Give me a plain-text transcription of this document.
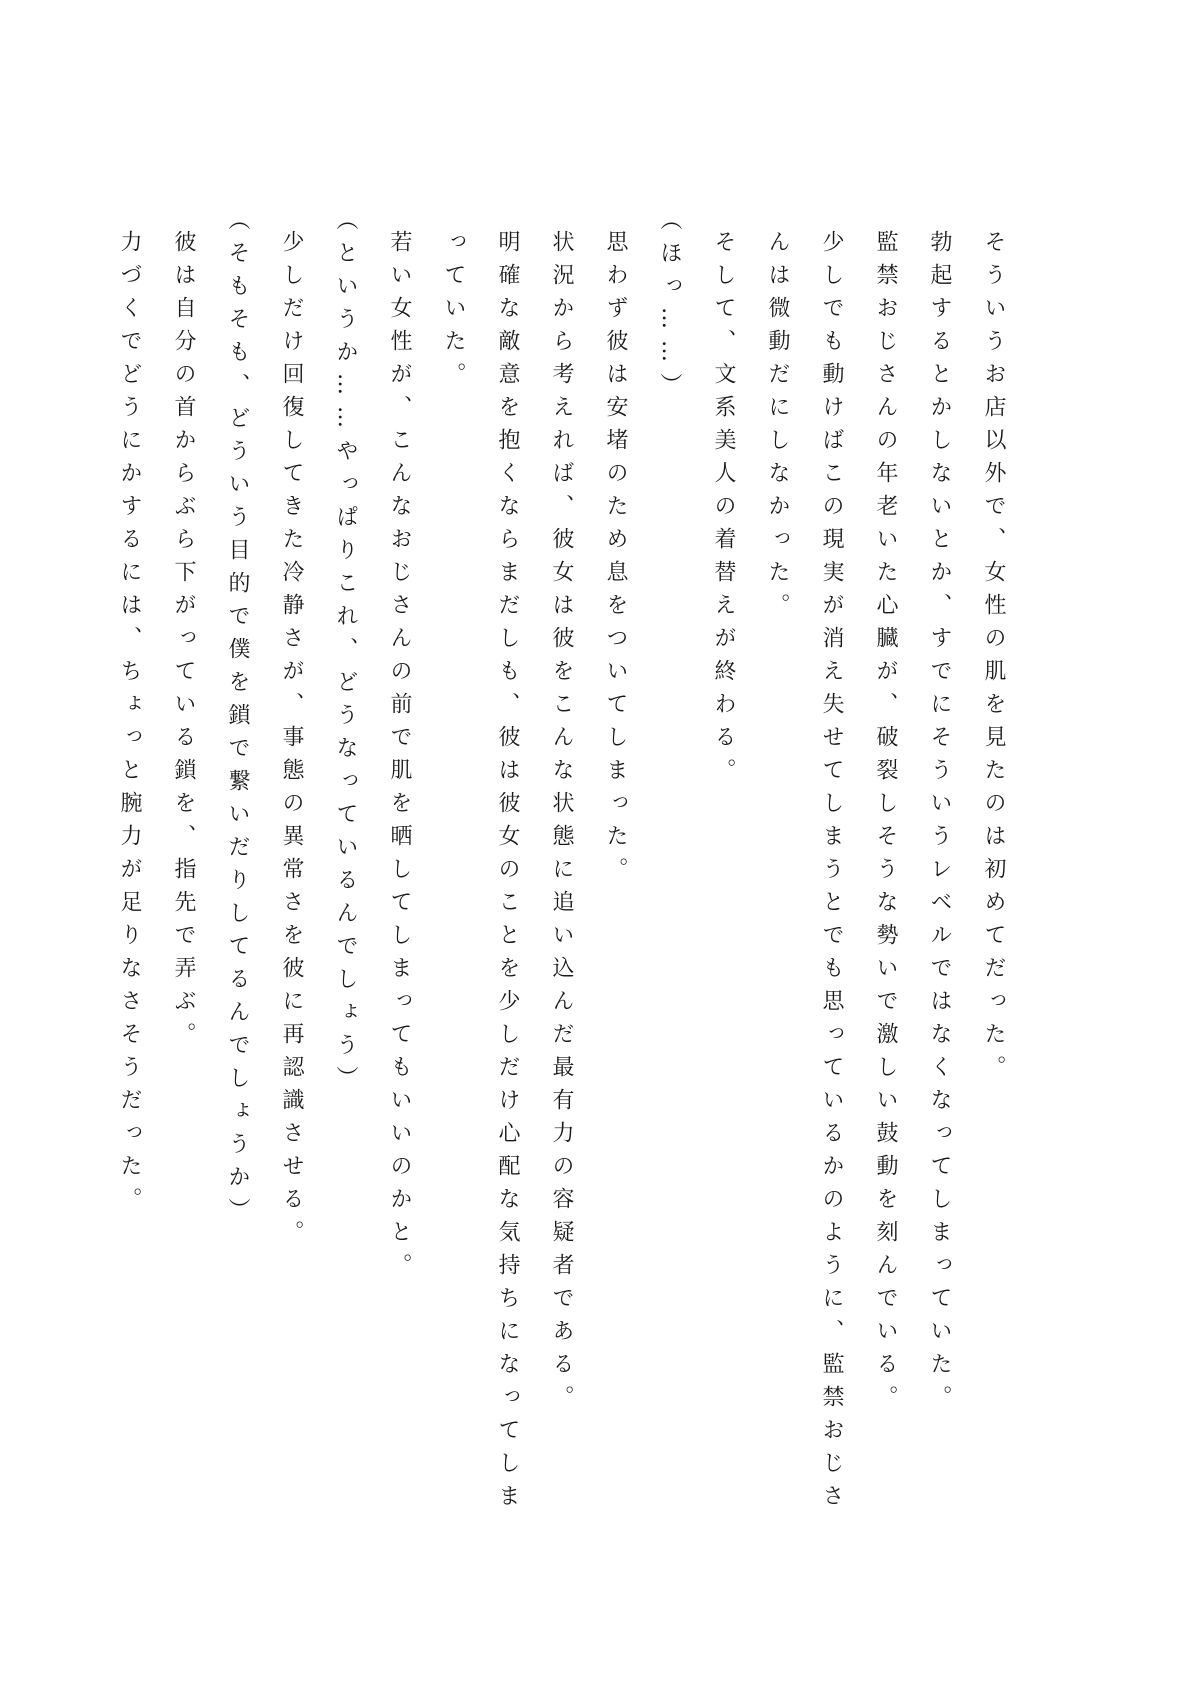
そういうお店以外で、女性の肌を見たのは初めてだった。

勃起するとかしないとか、すでにそういうレベルではなくなってしまっていた。

監禁おじさんの年老いた心臓が、破裂しそうな勢いで激しい鼓動を刻んでいる。

少しでも動けばこの現実が消え失せてしまうとでも思っているかのように、監禁おじさんは微動だにしなかった。

そして、文系美人の着替えが終わる。

（ほっ……）

思わず彼は安堵のため息をついてしまった。

状況から考えれば、彼女は彼をこんな状態に追い込んだ最有力の容疑者である。

明確な敵意を抱くならまだしも、彼は彼女のことを少しだけ心配な気持ちになってしまっていた。

若い女性が、こんなおじさんの前で肌を晒してしまってもいいのかと。

（というか……やっぱりこれ、どうなっているんでしょう）

少しだけ回復してきた冷静さが、事態の異常さを彼に再認識させる。

（そもそも、どういう目的で僕を鎖で繋いだりしてるんでしょうか）

彼は自分の首からぶら下がっている鎖を、指先で弄ぶ。

力づくでどうにかするには、ちょっと腕力が足りなさそうだった。
